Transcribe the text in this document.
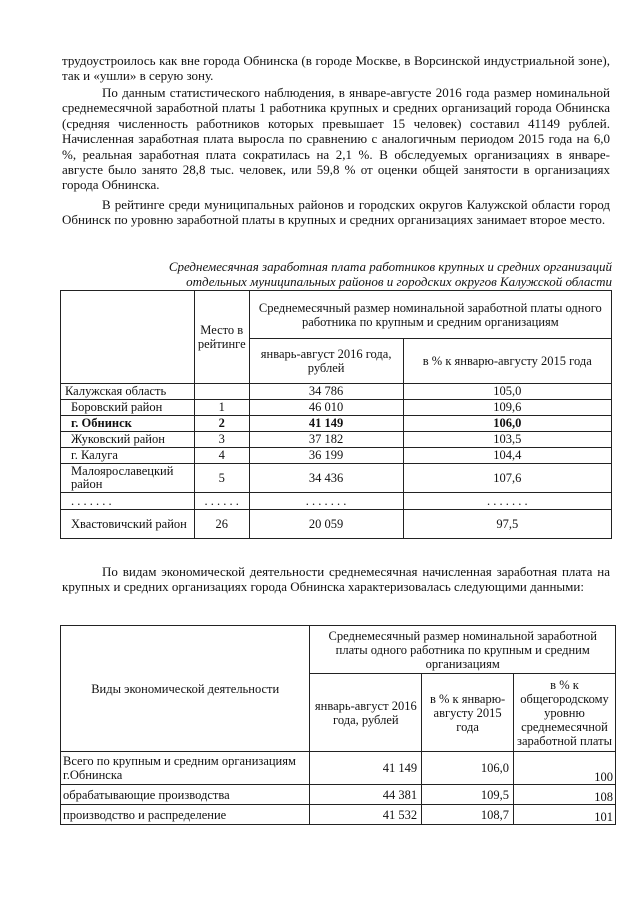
трудоустроилось как вне города Обнинска (в городе Москве, в Ворсинской индустриальной зоне), так и «ушли» в серую зону.

По данным статистического наблюдения, в январе-августе 2016 года размер номинальной среднемесячной заработной платы 1 работника крупных и средних организаций города Обнинска (средняя численность работников которых превышает 15 человек) составил 41149 рублей. Начисленная заработная плата выросла по сравнению с аналогичным периодом 2015 года на 6,0 %, реальная заработная плата сократилась на 2,1 %. В обследуемых организациях в январе-августе было занято 28,8 тыс. человек, или 59,8 % от оценки общей занятости в организациях города Обнинска.

В рейтинге среди муниципальных районов и городских округов Калужской области город Обнинск по уровню заработной платы в крупных и средних организациях занимает второе место.

Среднемесячная заработная плата работников крупных и средних организаций
отдельных муниципальных районов и городских округов Калужской области

	Место в рейтинге	Среднемесячный размер номинальной заработной платы одного работника по крупным и средним организациям	
		январь-август 2016 года, рублей	в % к январю-августу 2015 года
Калужская область		34 786	105,0
Боровский район	1	46 010	109,6
г. Обнинск	2	41 149	106,0
Жуковский район	3	37 182	103,5
г. Калуга	4	36 199	104,4
Малоярославецкий район	5	34 436	107,6
. . . . . . .	. . . . . .	. . . . . . .	. . . . . . .
Хвастовичский район	26	20 059	97,5

По видам экономической деятельности среднемесячная начисленная заработная плата на крупных и средних организациях города Обнинска характеризовалась следующими данными:

Виды экономической деятельности	Среднемесячный размер номинальной заработной платы одного работника по крупным и средним организациям		
	январь-август 2016 года, рублей	в % к январю-августу 2015 года	в % к общегородскому уровню среднемесячной заработной платы
Всего по крупным и средним организациям г.Обнинска	41 149	106,0	100
обрабатывающие производства	44 381	109,5	108
производство и распределение	41 532	108,7	101
